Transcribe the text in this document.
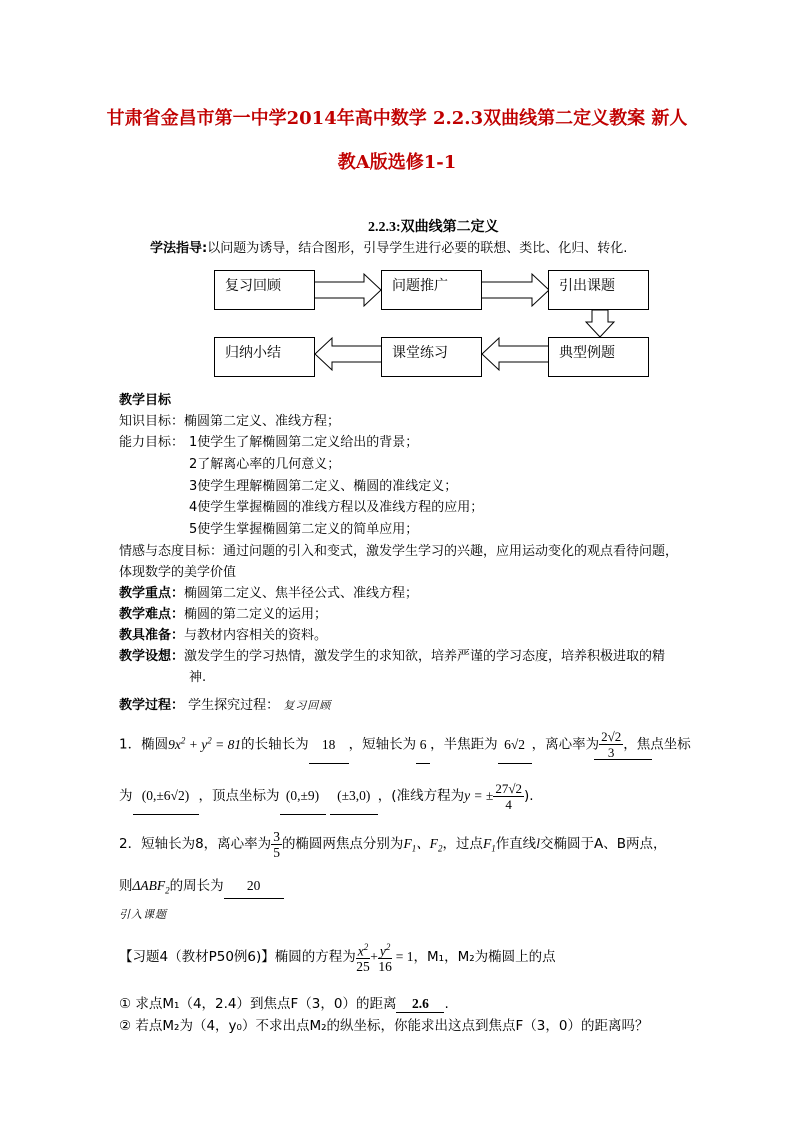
甘肃省金昌市第一中学2014年高中数学 2.2.3双曲线第二定义教案 新人
教A版选修1-1
2.2.3:双曲线第二定义
学法指导:以问题为诱导，结合图形，引导学生进行必要的联想、类比、化归、转化.
复习回顾	问题推广	引出课题
典型例题
课堂练习
归纳小结
教学目标
知识目标：椭圆第二定义、准线方程；
能力目标： 1使学生了解椭圆第二定义给出的背景；
2了解离心率的几何意义；
3使学生理解椭圆第二定义、椭圆的准线定义；
4使学生掌握椭圆的准线方程以及准线方程的应用；
5使学生掌握椭圆第二定义的简单应用；
情感与态度目标：通过问题的引入和变式，激发学生学习的兴趣，应用运动变化的观点看待问题，
体现数学的美学价值
教学重点：椭圆第二定义、焦半径公式、准线方程；
教学难点：椭圆的第二定义的运用；
教具准备：与教材内容相关的资料。
教学设想：激发学生的学习热情，激发学生的求知欲，培养严谨的学习态度，培养积极进取的精
神.
教学过程： 学生探究过程： 复习回顾
1．椭圆$9x^2 + y^2 = 81$的长轴长为 18 ，短轴长为 6 ，半焦距为 6√2 ，离心率为 $\frac{2√2}{3}$ ，焦点坐标
为 (0,±6√2) ，顶点坐标为 (0,±9) (±3,0) ，(准线方程为y = ± $\frac{27√2}{4}$ ).
2．短轴长为8，离心率为 $\frac{3}{5}$ 的椭圆两焦点分别为$F_1$、$F_2$，过点$F_1$作直线l交椭圆于A、B两点，
则$\Delta ABF_2$的周长为 20
引入课题
【习题4（教材P50例6)】椭圆的方程为 $\frac{x^2}{25} + \frac{y^2}{16} = 1$，M₁，M₂为椭圆上的点
① 求点M₁（4，2.4）到焦点F（3，0）的距离 2.6 .
② 若点M₂为（4，y₀）不求出点M₂的纵坐标，你能求出这点到焦点F（3，0）的距离吗？
